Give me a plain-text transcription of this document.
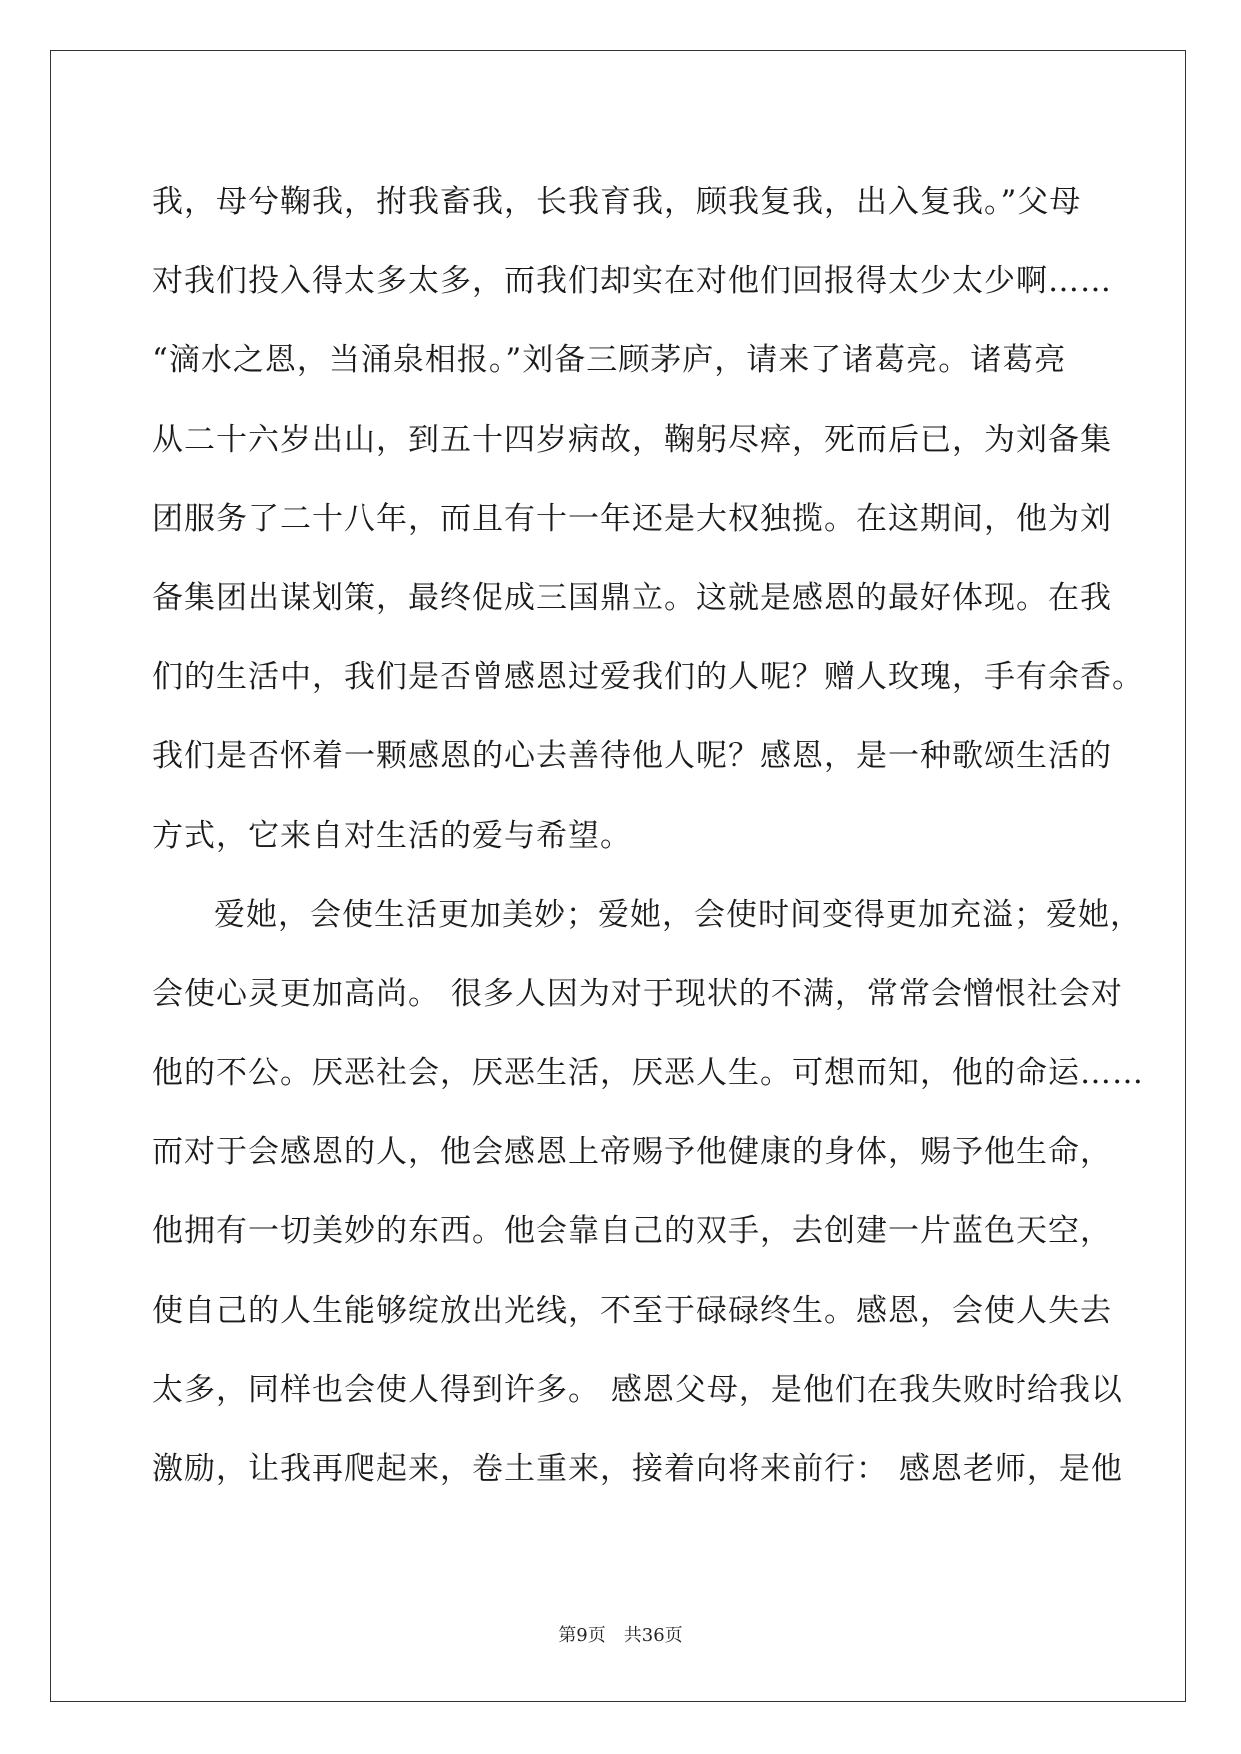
我，母兮鞠我，拊我畜我，长我育我，顾我复我，出入复我。”父母
对我们投入得太多太多，而我们却实在对他们回报得太少太少啊……
“滴水之恩，当涌泉相报。”刘备三顾茅庐，请来了诸葛亮。诸葛亮
从二十六岁出山，到五十四岁病故，鞠躬尽瘁，死而后已，为刘备集
团服务了二十八年，而且有十一年还是大权独揽。在这期间，他为刘
备集团出谋划策，最终促成三国鼎立。这就是感恩的最好体现。在我
们的生活中，我们是否曾感恩过爱我们的人呢？赠人玫瑰，手有余香。
我们是否怀着一颗感恩的心去善待他人呢？感恩，是一种歌颂生活的
方式，它来自对生活的爱与希望。
爱她，会使生活更加美妙；爱她，会使时间变得更加充溢；爱她，
会使心灵更加高尚。 很多人因为对于现状的不满，常常会憎恨社会对
他的不公。厌恶社会，厌恶生活，厌恶人生。可想而知，他的命运……
而对于会感恩的人，他会感恩上帝赐予他健康的身体，赐予他生命，
他拥有一切美妙的东西。他会靠自己的双手，去创建一片蓝色天空，
使自己的人生能够绽放出光线，不至于碌碌终生。感恩，会使人失去
太多，同样也会使人得到许多。 感恩父母，是他们在我失败时给我以
激励，让我再爬起来，卷土重来，接着向将来前行： 感恩老师，是他
第9页　共36页
